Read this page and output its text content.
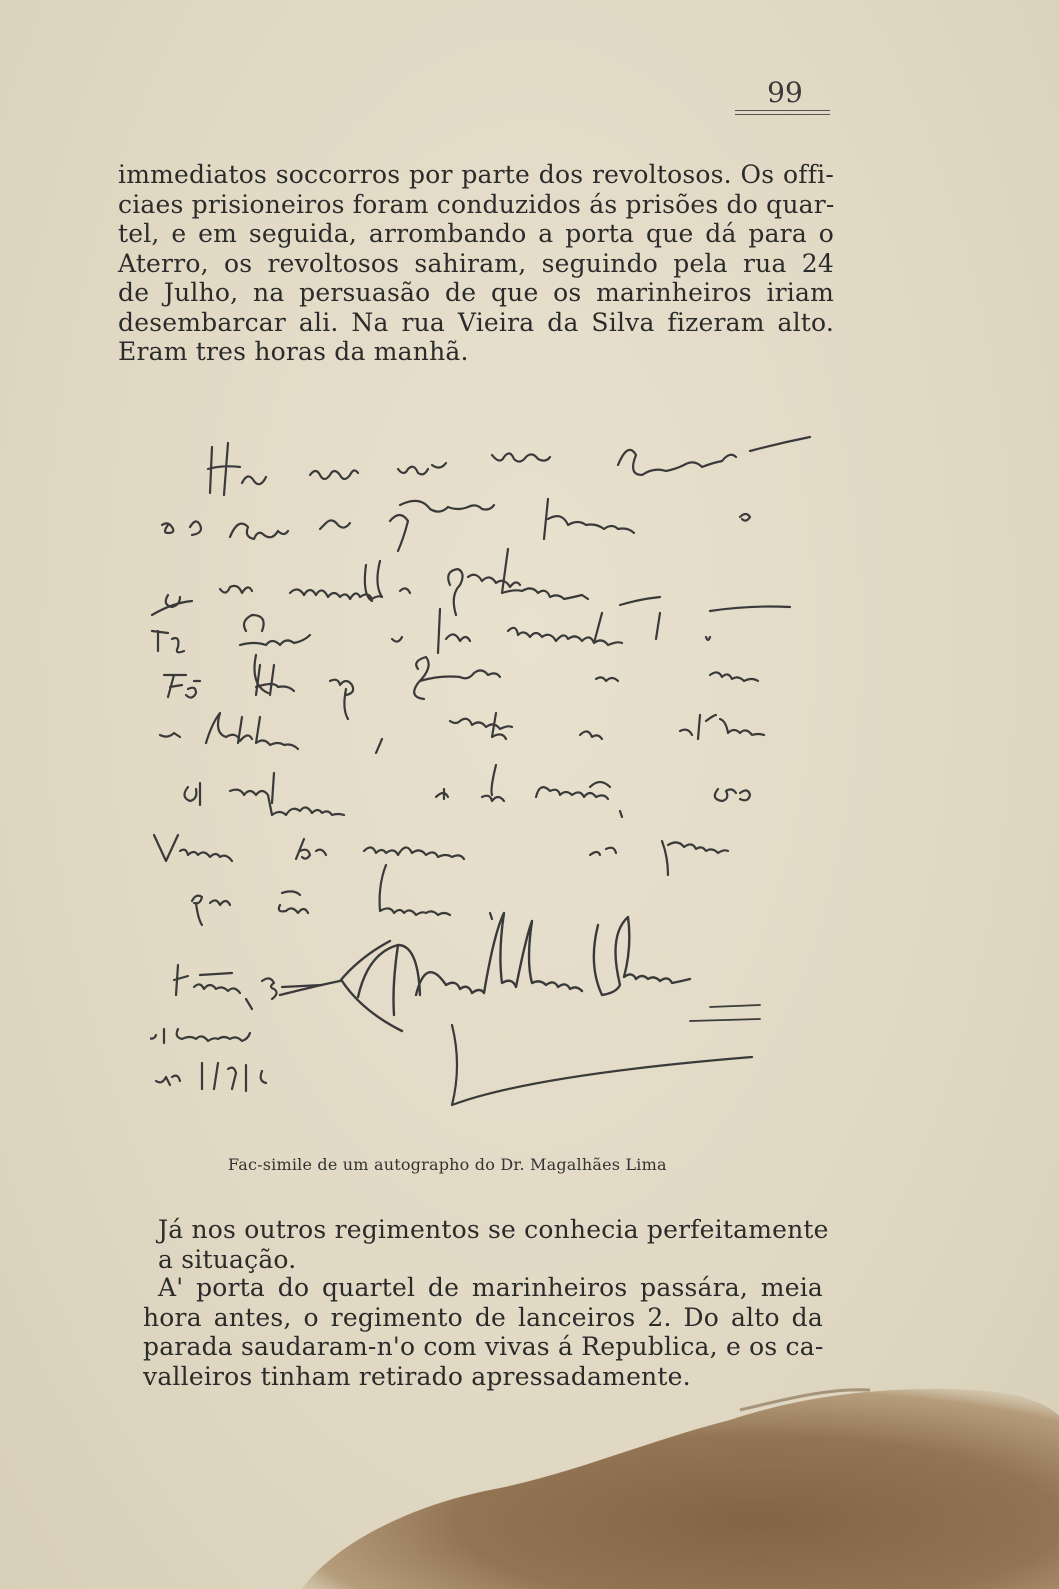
99
immediatos soccorros por parte dos revoltosos. Os offi-
ciaes prisioneiros foram conduzidos ás prisões do quar-
tel, e em seguida, arrombando a porta que dá para o
Aterro, os revoltosos sahiram, seguindo pela rua 24
de Julho, na persuasão de que os marinheiros iriam
desembarcar ali. Na rua Vieira da Silva fizeram alto.
Eram tres horas da manhã.
Fac-simile de um autographo do Dr. Magalhães Lima
Já nos outros regimentos se conhecia perfeitamente
a situação.
A' porta do quartel de marinheiros passára, meia
hora antes, o regimento de lanceiros 2. Do alto da
parada saudaram-n'o com vivas á Republica, e os ca-
valleiros tinham retirado apressadamente.
